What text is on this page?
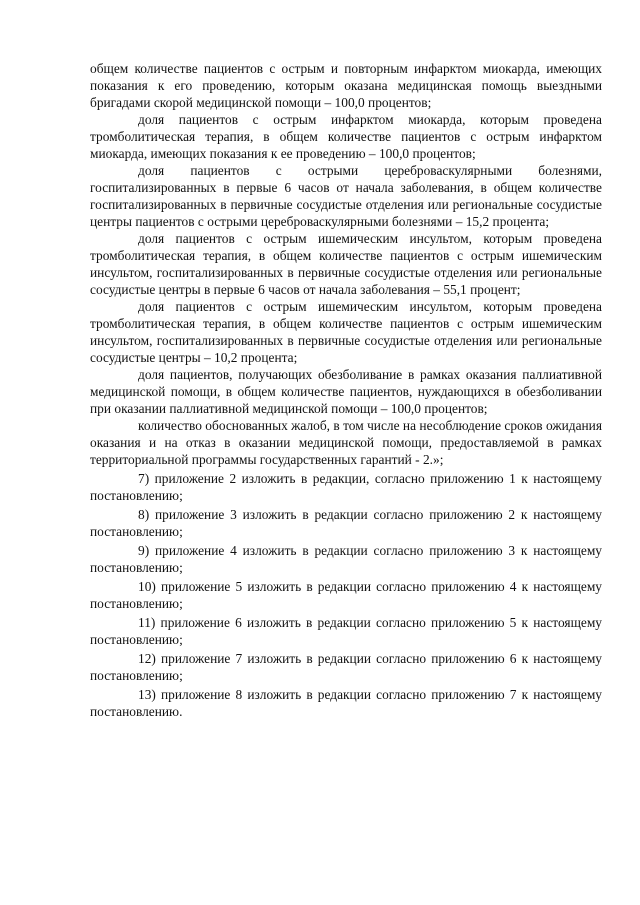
общем количестве пациентов с острым и повторным инфарктом миокарда, имеющих показания к его проведению, которым оказана медицинская помощь выездными бригадами скорой медицинской помощи – 100,0 процентов;

доля пациентов с острым инфарктом миокарда, которым проведена тромболитическая терапия, в общем количестве пациентов с острым инфарктом миокарда, имеющих показания к ее проведению – 100,0 процентов;

доля пациентов с острыми цереброваскулярными болезнями, госпитализированных в первые 6 часов от начала заболевания, в общем количестве госпитализированных в первичные сосудистые отделения или региональные сосудистые центры пациентов с острыми цереброваскулярными болезнями – 15,2 процента;

доля пациентов с острым ишемическим инсультом, которым проведена тромболитическая терапия, в общем количестве пациентов с острым ишемическим инсультом, госпитализированных в первичные сосудистые отделения или региональные сосудистые центры в первые 6 часов от начала заболевания – 55,1 процент;

доля пациентов с острым ишемическим инсультом, которым проведена тромболитическая терапия, в общем количестве пациентов с острым ишемическим инсультом, госпитализированных в первичные сосудистые отделения или региональные сосудистые центры – 10,2 процента;

доля пациентов, получающих обезболивание в рамках оказания паллиативной медицинской помощи, в общем количестве пациентов, нуждающихся в обезболивании при оказании паллиативной медицинской помощи – 100,0 процентов;

количество обоснованных жалоб, в том числе на несоблюдение сроков ожидания оказания и на отказ в оказании медицинской помощи, предоставляемой в рамках территориальной программы государственных гарантий - 2.»;

7) приложение 2 изложить в редакции, согласно приложению 1 к настоящему постановлению;

8) приложение 3 изложить в редакции согласно приложению 2 к настоящему постановлению;

9) приложение 4 изложить в редакции согласно приложению 3 к настоящему постановлению;

10) приложение 5 изложить в редакции согласно приложению 4 к настоящему постановлению;

11) приложение 6 изложить в редакции согласно приложению 5 к настоящему постановлению;

12) приложение 7 изложить в редакции согласно приложению 6 к настоящему постановлению;

13) приложение 8 изложить в редакции согласно приложению 7 к настоящему постановлению.
